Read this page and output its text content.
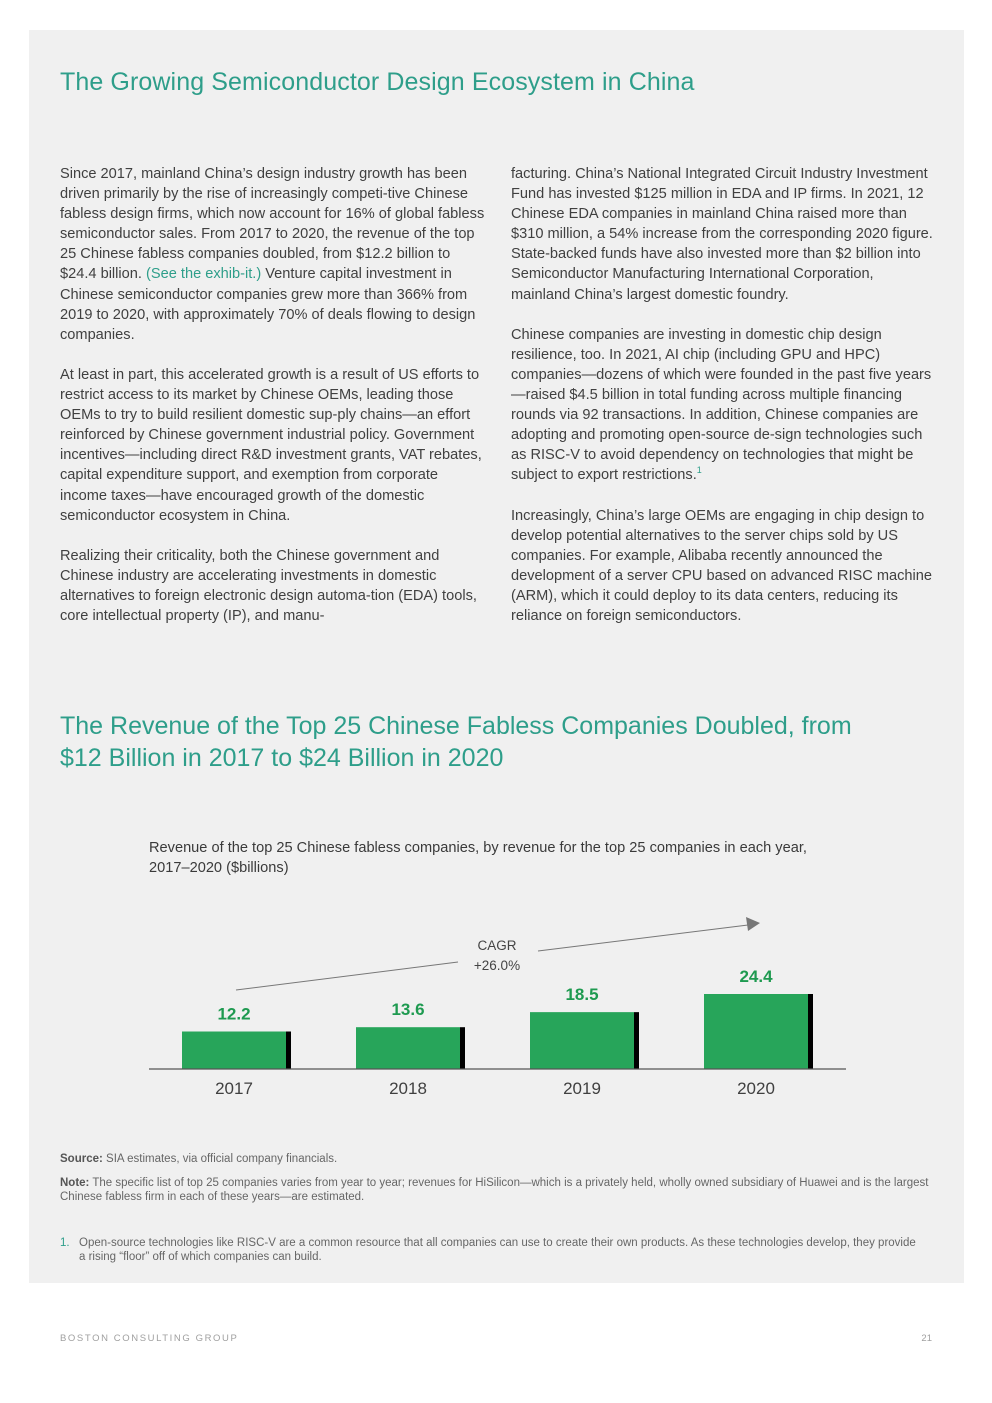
The Growing Semiconductor Design Ecosystem in China

Since 2017, mainland China’s design industry growth has been driven primarily by the rise of increasingly competi-tive Chinese fabless design firms, which now account for 16% of global fabless semiconductor sales. From 2017 to 2020, the revenue of the top 25 Chinese fabless companies doubled, from $12.2 billion to $24.4 billion. (See the exhib-it.) Venture capital investment in Chinese semiconductor companies grew more than 366% from 2019 to 2020, with approximately 70% of deals flowing to design companies.

At least in part, this accelerated growth is a result of US efforts to restrict access to its market by Chinese OEMs, leading those OEMs to try to build resilient domestic sup-ply chains—an effort reinforced by Chinese government industrial policy. Government incentives—including direct R&D investment grants, VAT rebates, capital expenditure support, and exemption from corporate income taxes—have encouraged growth of the domestic semiconductor ecosystem in China.

Realizing their criticality, both the Chinese government and Chinese industry are accelerating investments in domestic alternatives to foreign electronic design automa-tion (EDA) tools, core intellectual property (IP), and manu-

facturing. China’s National Integrated Circuit Industry Investment Fund has invested $125 million in EDA and IP firms. In 2021, 12 Chinese EDA companies in mainland China raised more than $310 million, a 54% increase from the corresponding 2020 figure. State-backed funds have also invested more than $2 billion into Semiconductor Manufacturing International Corporation, mainland China’s largest domestic foundry.

Chinese companies are investing in domestic chip design resilience, too. In 2021, AI chip (including GPU and HPC) companies—dozens of which were founded in the past five years—raised $4.5 billion in total funding across multiple financing rounds via 92 transactions. In addition, Chinese companies are adopting and promoting open-source de-sign technologies such as RISC-V to avoid dependency on technologies that might be subject to export restrictions.$^1$

Increasingly, China’s large OEMs are engaging in chip design to develop potential alternatives to the server chips sold by US companies. For example, Alibaba recently announced the development of a server CPU based on advanced RISC machine (ARM), which it could deploy to its data centers, reducing its reliance on foreign semiconductors.

The Revenue of the Top 25 Chinese Fabless Companies Doubled, from
$12 Billion in 2017 to $24 Billion in 2020
Revenue of the top 25 Chinese fabless companies, by revenue for the top 25 companies in each year, 2017–2020 ($billions)
12.2
2017
13.6
2018
18.5
2019
24.4
2020
CAGR
+26.0%
Source: SIA estimates, via official company financials.
Note: The specific list of top 25 companies varies from year to year; revenues for HiSilicon—which is a privately held, wholly owned subsidiary of Huawei and is the largest Chinese fabless firm in each of these years—are estimated.
1. Open-source technologies like RISC-V are a common resource that all companies can use to create their own products. As these technologies develop, they provide a rising “floor” off of which companies can build.
BOSTON CONSULTING GROUP	21
